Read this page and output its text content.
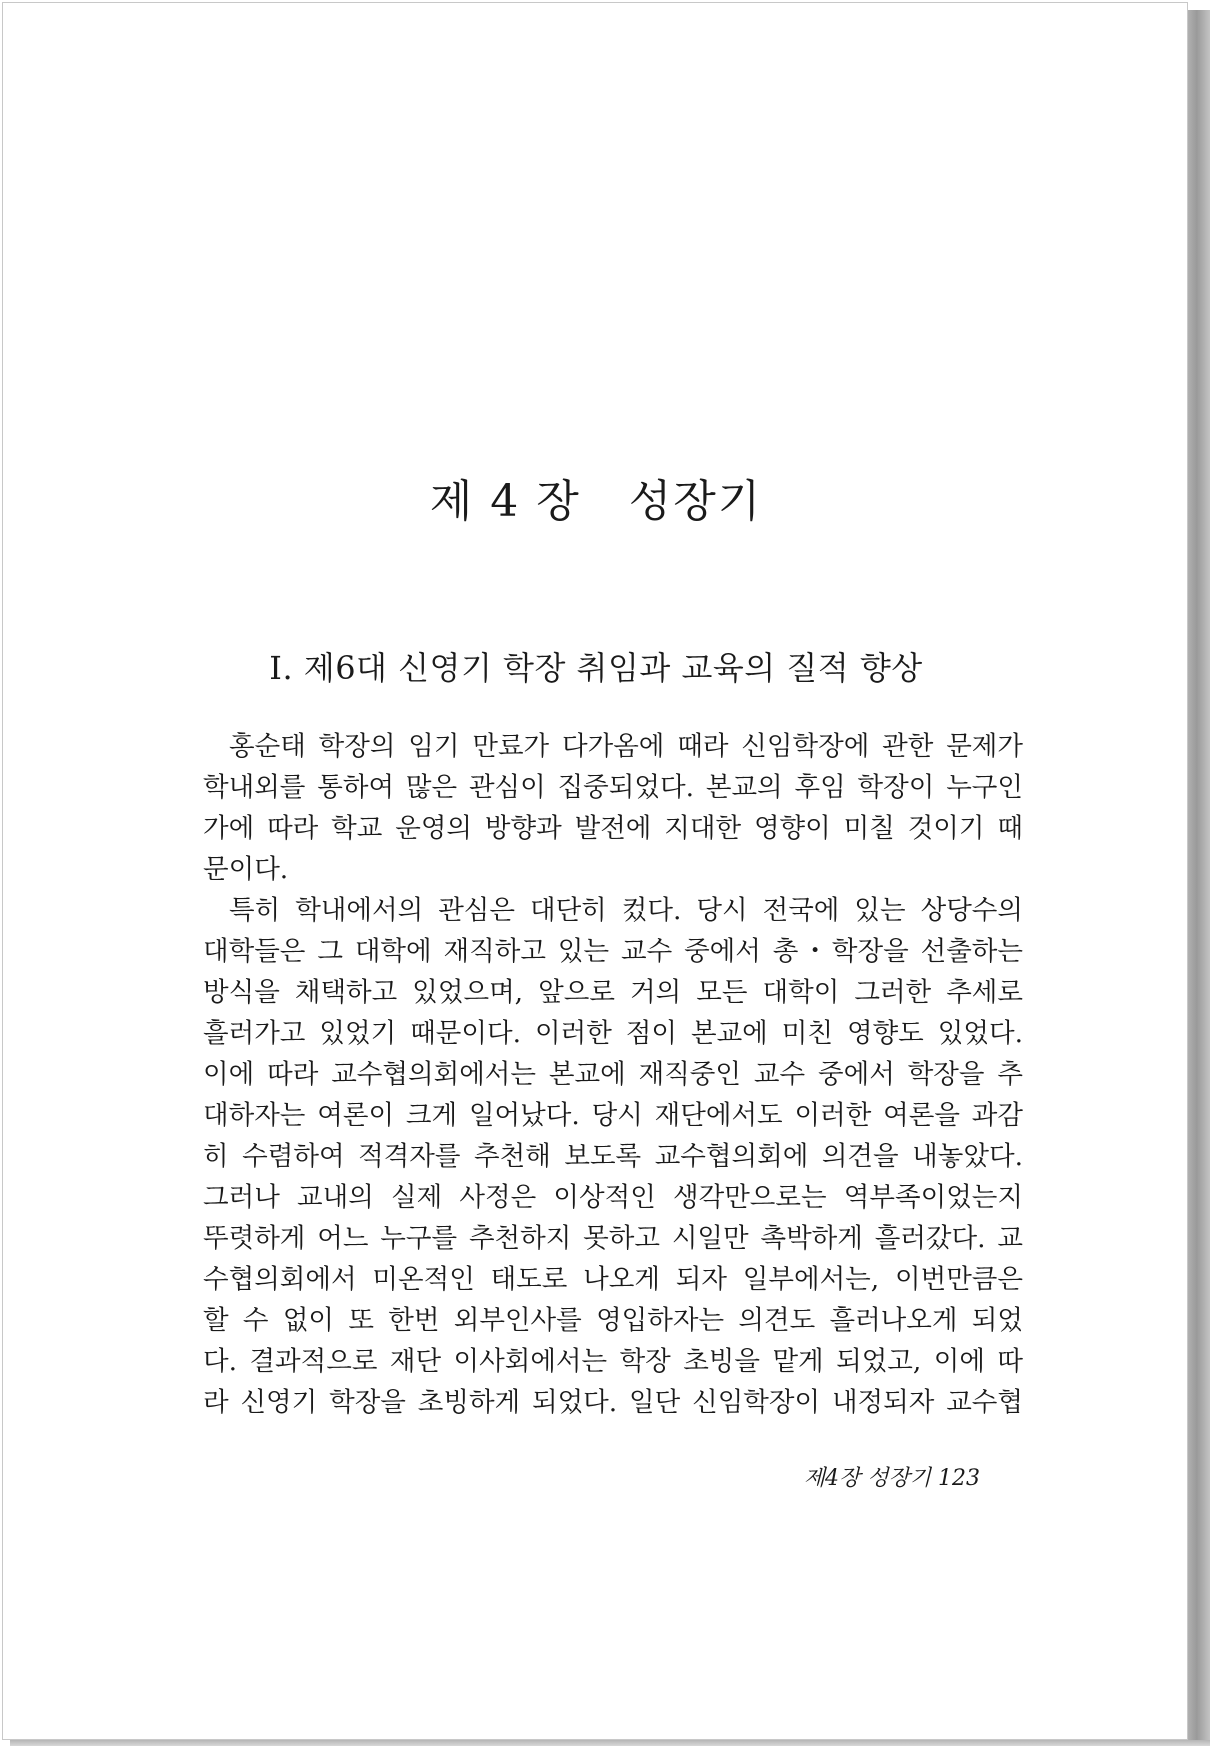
제 4 장   성장기
Ⅰ. 제6대 신영기 학장 취임과 교육의 질적 향상
홍순태 학장의 임기 만료가 다가옴에 때라 신임학장에 관한 문제가
학내외를 통하여 많은 관심이 집중되었다. 본교의 후임 학장이 누구인
가에 따라 학교 운영의 방향과 발전에 지대한 영향이 미칠 것이기 때
문이다.
특히 학내에서의 관심은 대단히 컸다. 당시 전국에 있는 상당수의
대학들은 그 대학에 재직하고 있는 교수 중에서 총・학장을 선출하는
방식을 채택하고 있었으며, 앞으로 거의 모든 대학이 그러한 추세로
흘러가고 있었기 때문이다. 이러한 점이 본교에 미친 영향도 있었다.
이에 따라 교수협의회에서는 본교에 재직중인 교수 중에서 학장을 추
대하자는 여론이 크게 일어났다. 당시 재단에서도 이러한 여론을 과감
히 수렴하여 적격자를 추천해 보도록 교수협의회에 의견을 내놓았다.
그러나 교내의 실제 사정은 이상적인 생각만으로는 역부족이었는지
뚜렷하게 어느 누구를 추천하지 못하고 시일만 촉박하게 흘러갔다. 교
수협의회에서 미온적인 태도로 나오게 되자 일부에서는, 이번만큼은
할 수 없이 또 한번 외부인사를 영입하자는 의견도 흘러나오게 되었
다. 결과적으로 재단 이사회에서는 학장 초빙을 맡게 되었고, 이에 따
라 신영기 학장을 초빙하게 되었다. 일단 신임학장이 내정되자 교수협
제4장 성장기 123
